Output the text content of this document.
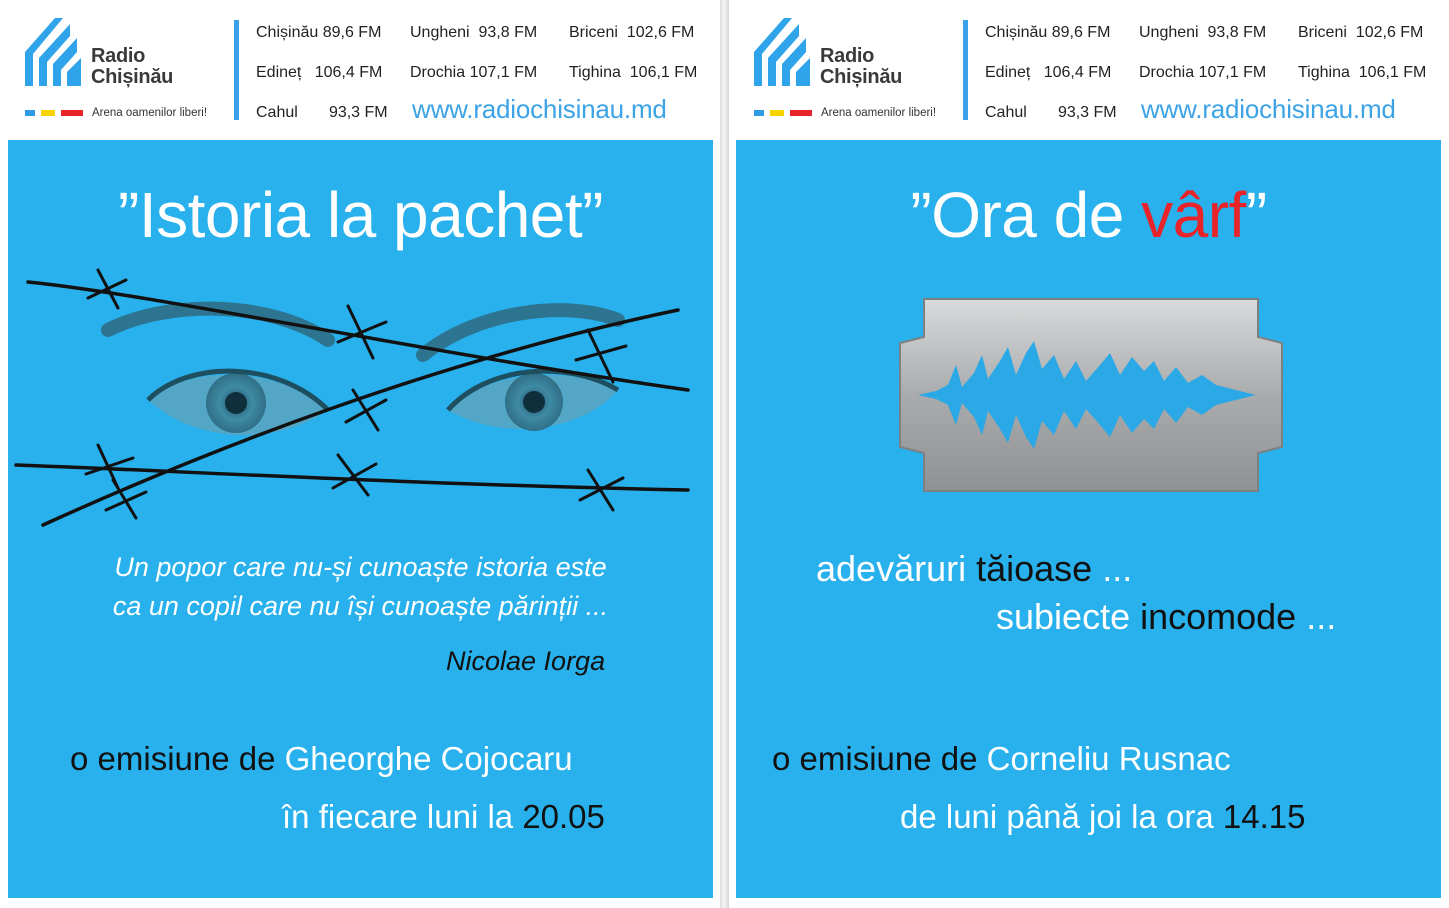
Radio
Chișinău
Arena oamenilor liberi!
Chișinău 89,6 FM Ungheni 93,8 FM Briceni 102,6 FM
Edineț 106,4 FM Drochia 107,1 FM Tighina 106,1 FM
Cahul 93,3 FM www.radiochisinau.md
”Istoria la pachet”
Un popor care nu-și cunoaște istoria este
ca un copil care nu își cunoaște părinții ...
Nicolae Iorga
o emisiune de Gheorghe Cojocaru
în fiecare luni la 20.05
Radio
Chișinău
Arena oamenilor liberi!
Chișinău 89,6 FM Ungheni 93,8 FM Briceni 102,6 FM
Edineț 106,4 FM Drochia 107,1 FM Tighina 106,1 FM
Cahul 93,3 FM www.radiochisinau.md
”Ora de vârf”
adevăruri tăioase ...
subiecte incomode ...
o emisiune de Corneliu Rusnac
de luni până joi la ora 14.15
